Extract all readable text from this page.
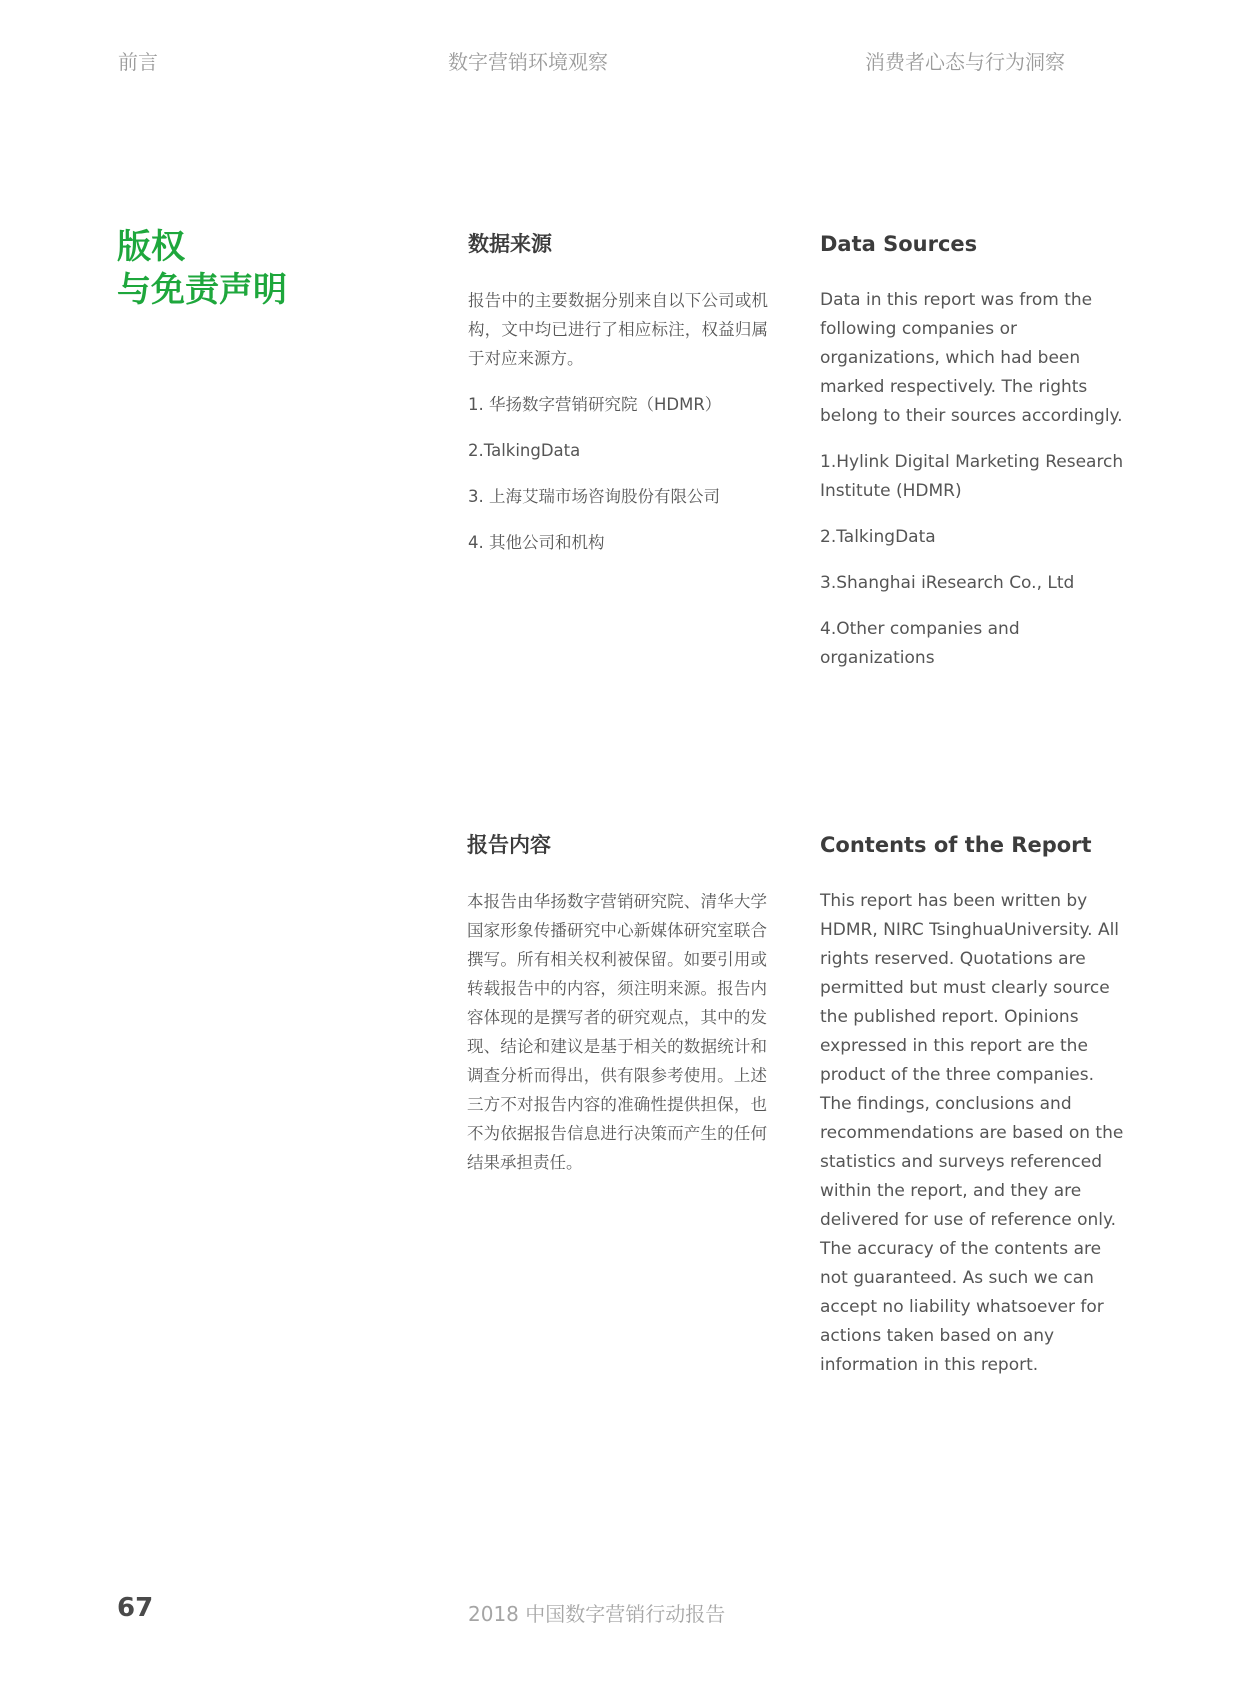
前言	数字营销环境观察	消费者心态与行为洞察
版权
与免责声明
数据来源

报告中的主要数据分别来自以下公司或机构，文中均已进行了相应标注，权益归属于对应来源方。

1. 华扬数字营销研究院（HDMR）
2.TalkingData
3. 上海艾瑞市场咨询股份有限公司
4. 其他公司和机构
Data Sources

Data in this report was from the following companies or organizations, which had been marked respectively. The rights belong to their sources accordingly.

1.Hylink Digital Marketing Research Institute (HDMR)
2.TalkingData
3.Shanghai iResearch Co., Ltd
4.Other companies and organizations
报告内容

本报告由华扬数字营销研究院、清华大学国家形象传播研究中心新媒体研究室联合撰写。所有相关权利被保留。如要引用或转载报告中的内容，须注明来源。报告内容体现的是撰写者的研究观点，其中的发现、结论和建议是基于相关的数据统计和调查分析而得出，供有限参考使用。上述三方不对报告内容的准确性提供担保，也不为依据报告信息进行决策而产生的任何结果承担责任。

Contents of the Report

This report has been written by HDMR, NIRC TsinghuaUniversity. All rights reserved. Quotations are permitted but must clearly source the published report. Opinions expressed in this report are the product of the three companies. The findings, conclusions and recommendations are based on the statistics and surveys referenced within the report, and they are delivered for use of reference only. The accuracy of the contents are not guaranteed. As such we can accept no liability whatsoever for actions taken based on any information in this report.

67	2018 中国数字营销行动报告
